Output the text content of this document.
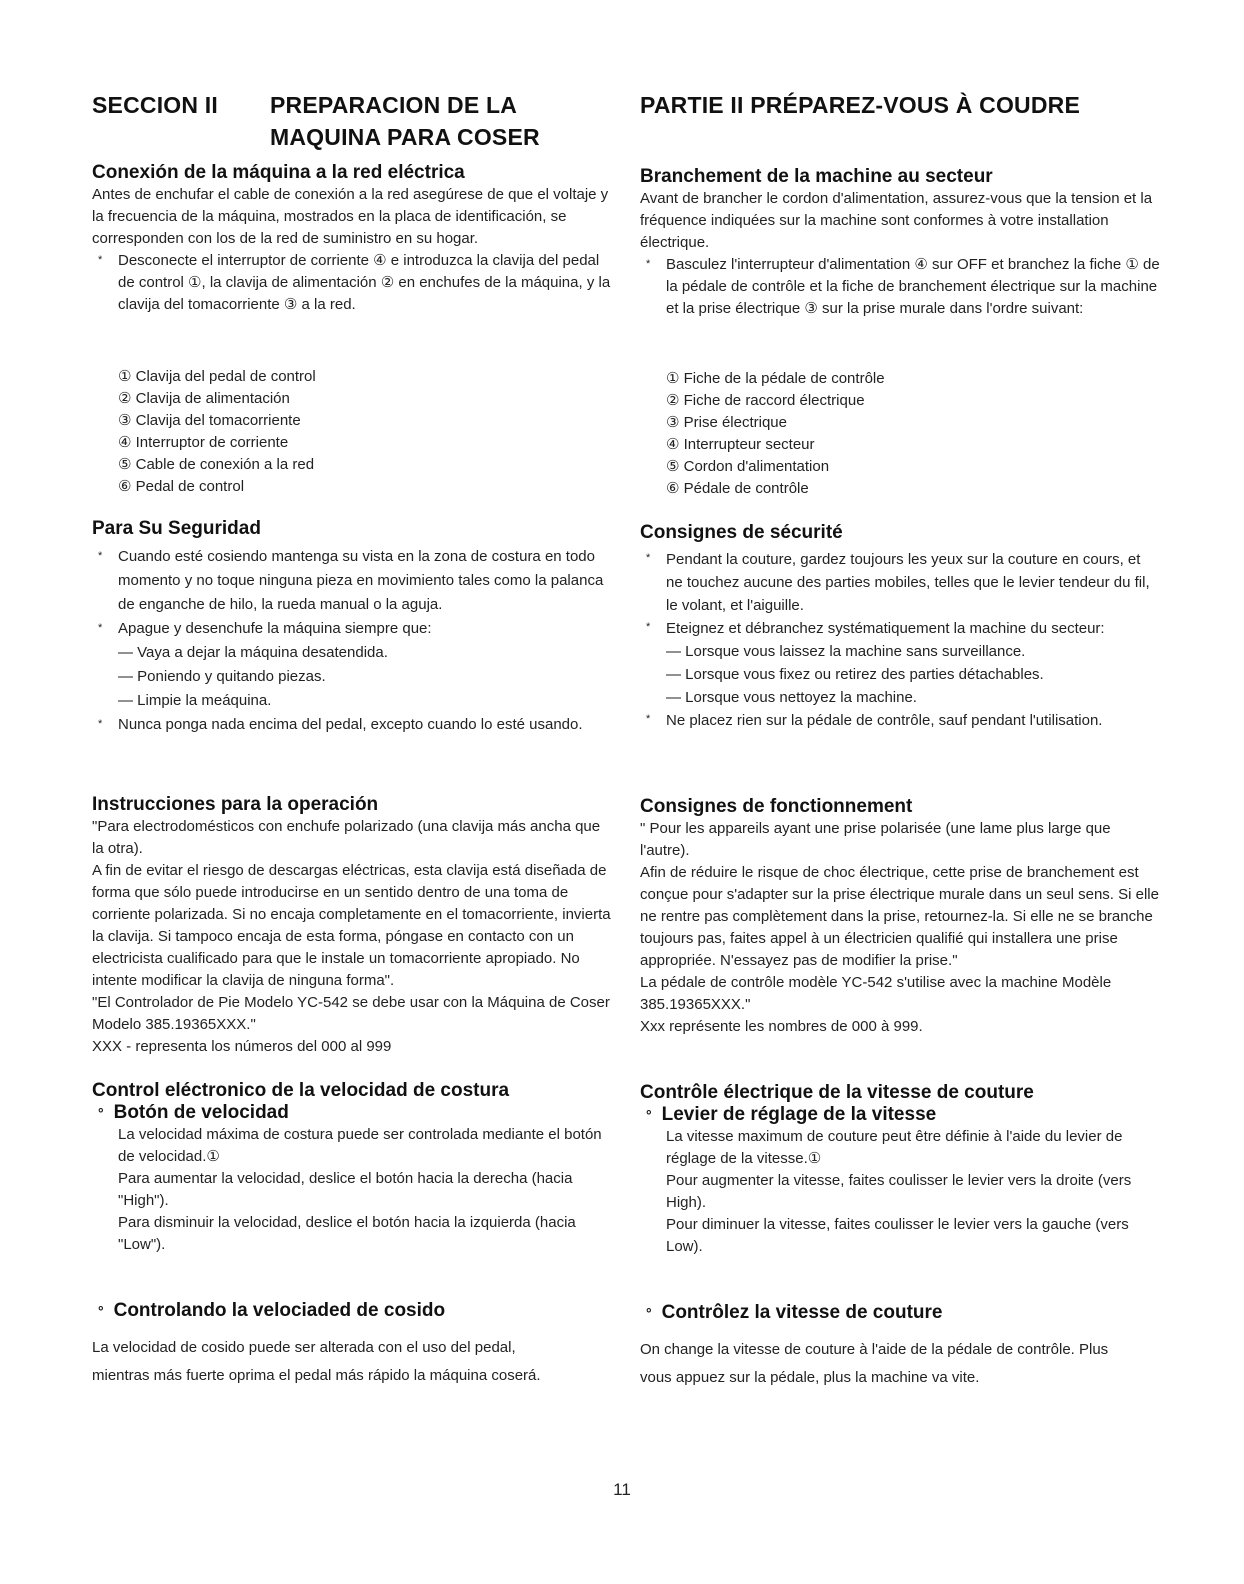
SECCION II PREPARACION DE LA
MAQUINA PARA COSER
Conexión de la máquina a la red eléctrica
Antes de enchufar el cable de conexión a la red asegúrese de que el voltaje y la frecuencia de la máquina, mostrados en la placa de identificación, se corresponden con los de la red de suministro en su hogar.
* Desconecte el interruptor de corriente ④ e introduzca la clavija del pedal de control ①, la clavija de alimentación ② en enchufes de la máquina, y la clavija del tomacorriente ③ a la red.
① Clavija del pedal de control
② Clavija de alimentación
③ Clavija del tomacorriente
④ Interruptor de corriente
⑤ Cable de conexión a la red
⑥ Pedal de control
Para Su Seguridad
* Cuando esté cosiendo mantenga su vista en la zona de costura en todo momento y no toque ninguna pieza en movimiento tales como la palanca de enganche de hilo, la rueda manual o la aguja.
* Apague y desenchufe la máquina siempre que:
— Vaya a dejar la máquina desatendida.
— Poniendo y quitando piezas.
— Limpie la meáquina.
* Nunca ponga nada encima del pedal, excepto cuando lo esté usando.
Instrucciones para la operación
"Para electrodomésticos con enchufe polarizado (una clavija más ancha que la otra).
A fin de evitar el riesgo de descargas eléctricas, esta clavija está diseñada de forma que sólo puede introducirse en un sentido dentro de una toma de corriente polarizada. Si no encaja completamente en el tomacorriente, invierta la clavija. Si tampoco encaja de esta forma, póngase en contacto con un electricista cualificado para que le instale un tomacorriente apropiado. No intente modificar la clavija de ninguna forma".
"El Controlador de Pie Modelo YC-542 se debe usar con la Máquina de Coser Modelo 385.19365XXX."
XXX - representa los números del 000 al 999
Control eléctronico de la velocidad de costura
° Botón de velocidad
La velocidad máxima de costura puede ser controlada mediante el botón de velocidad.①
Para aumentar la velocidad, deslice el botón hacia la derecha (hacia "High").
Para disminuir la velocidad, deslice el botón hacia la izquierda (hacia "Low").
° Controlando la velociaded de cosido
La velocidad de cosido puede ser alterada con el uso del pedal, mientras más fuerte oprima el pedal más rápido la máquina coserá.
PARTIE II PRÉPAREZ-VOUS À COUDRE
Branchement de la machine au secteur
Avant de brancher le cordon d'alimentation, assurez-vous que la tension et la fréquence indiquées sur la machine sont conformes à votre installation électrique.
* Basculez l'interrupteur d'alimentation ④ sur OFF et branchez la fiche ① de la pédale de contrôle et la fiche de branchement électrique sur la machine et la prise électrique ③ sur la prise murale dans l'ordre suivant:
① Fiche de la pédale de contrôle
② Fiche de raccord électrique
③ Prise électrique
④ Interrupteur secteur
⑤ Cordon d'alimentation
⑥ Pédale de contrôle
Consignes de sécurité
* Pendant la couture, gardez toujours les yeux sur la couture en cours, et ne touchez aucune des parties mobiles, telles que le levier tendeur du fil, le volant, et l'aiguille.
* Eteignez et débranchez systématiquement la machine du secteur:
— Lorsque vous laissez la machine sans surveillance.
— Lorsque vous fixez ou retirez des parties détachables.
— Lorsque vous nettoyez la machine.
* Ne placez rien sur la pédale de contrôle, sauf pendant l'utilisation.
Consignes de fonctionnement
" Pour les appareils ayant une prise polarisée (une lame plus large que l'autre).
Afin de réduire le risque de choc électrique, cette prise de branchement est conçue pour s'adapter sur la prise électrique murale dans un seul sens. Si elle ne rentre pas complètement dans la prise, retournez-la. Si elle ne se branche toujours pas, faites appel à un électricien qualifié qui installera une prise appropriée. N'essayez pas de modifier la prise."
La pédale de contrôle modèle YC-542 s'utilise avec la machine Modèle 385.19365XXX."
Xxx représente les nombres de 000 à 999.
Contrôle électrique de la vitesse de couture
° Levier de réglage de la vitesse
La vitesse maximum de couture peut être définie à l'aide du levier de réglage de la vitesse.①
Pour augmenter la vitesse, faites coulisser le levier vers la droite (vers High).
Pour diminuer la vitesse, faites coulisser le levier vers la gauche (vers Low).
° Contrôlez la vitesse de couture
On change la vitesse de couture à l'aide de la pédale de contrôle. Plus vous appuez sur la pédale, plus la machine va vite.
11
